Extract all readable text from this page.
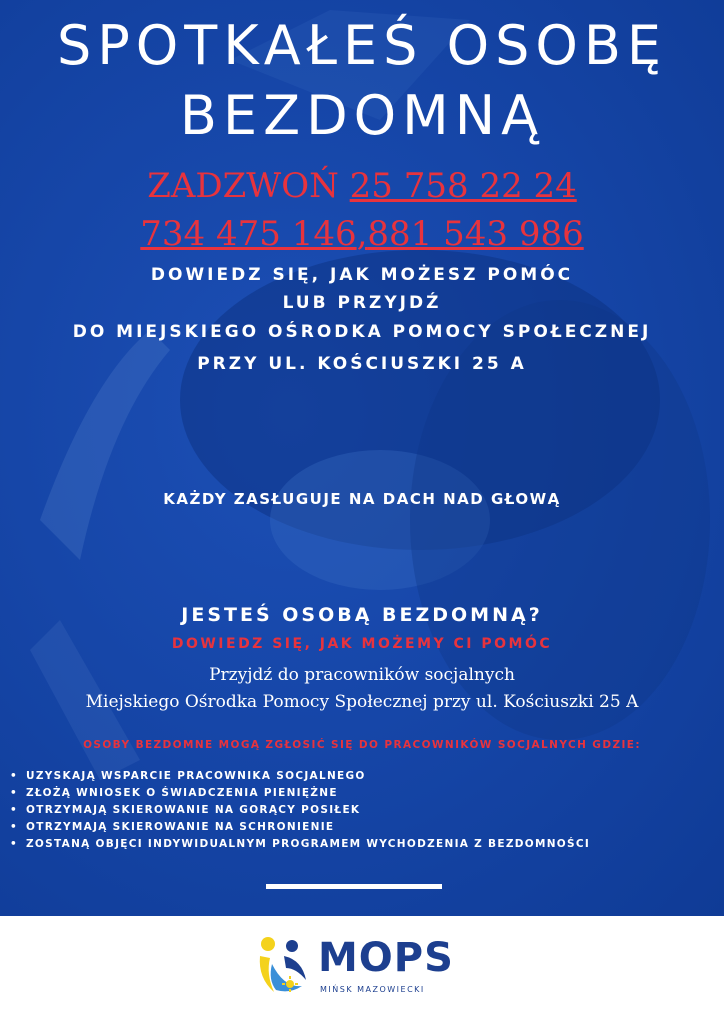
SPOTKAŁEŚ OSOBĘ
BEZDOMNĄ

ZADZWOŃ 25 758 22 24

734 475 146,881 543 986

DOWIEDZ SIĘ, JAK MOŻESZ POMÓC

LUB PRZYJDŹ

DO MIEJSKIEGO OŚRODKA POMOCY SPOŁECZNEJ

PRZY UL. KOŚCIUSZKI 25 A

KAŻDY ZASŁUGUJE NA DACH NAD GŁOWĄ

JESTEŚ OSOBĄ BEZDOMNĄ?

DOWIEDZ SIĘ, JAK MOŻEMY CI POMÓC

Przyjdź do pracowników socjalnych

Miejskiego Ośrodka Pomocy Społecznej przy ul. Kościuszki 25 A

OSOBY BEZDOMNE MOGĄ ZGŁOSIĆ SIĘ DO PRACOWNIKÓW SOCJALNYCH GDZIE:

• UZYSKAJĄ WSPARCIE PRACOWNIKA SOCJALNEGO
• ZŁOŻĄ WNIOSEK O ŚWIADCZENIA PIENIĘŻNE
• OTRZYMAJĄ SKIEROWANIE NA GORĄCY POSIŁEK
• OTRZYMAJĄ SKIEROWANIE NA SCHRONIENIE
• ZOSTANĄ OBJĘCI INDYWIDUALNYM PROGRAMEM WYCHODZENIA Z BEZDOMNOŚCI

MOPS

MIŃSK MAZOWIECKI
